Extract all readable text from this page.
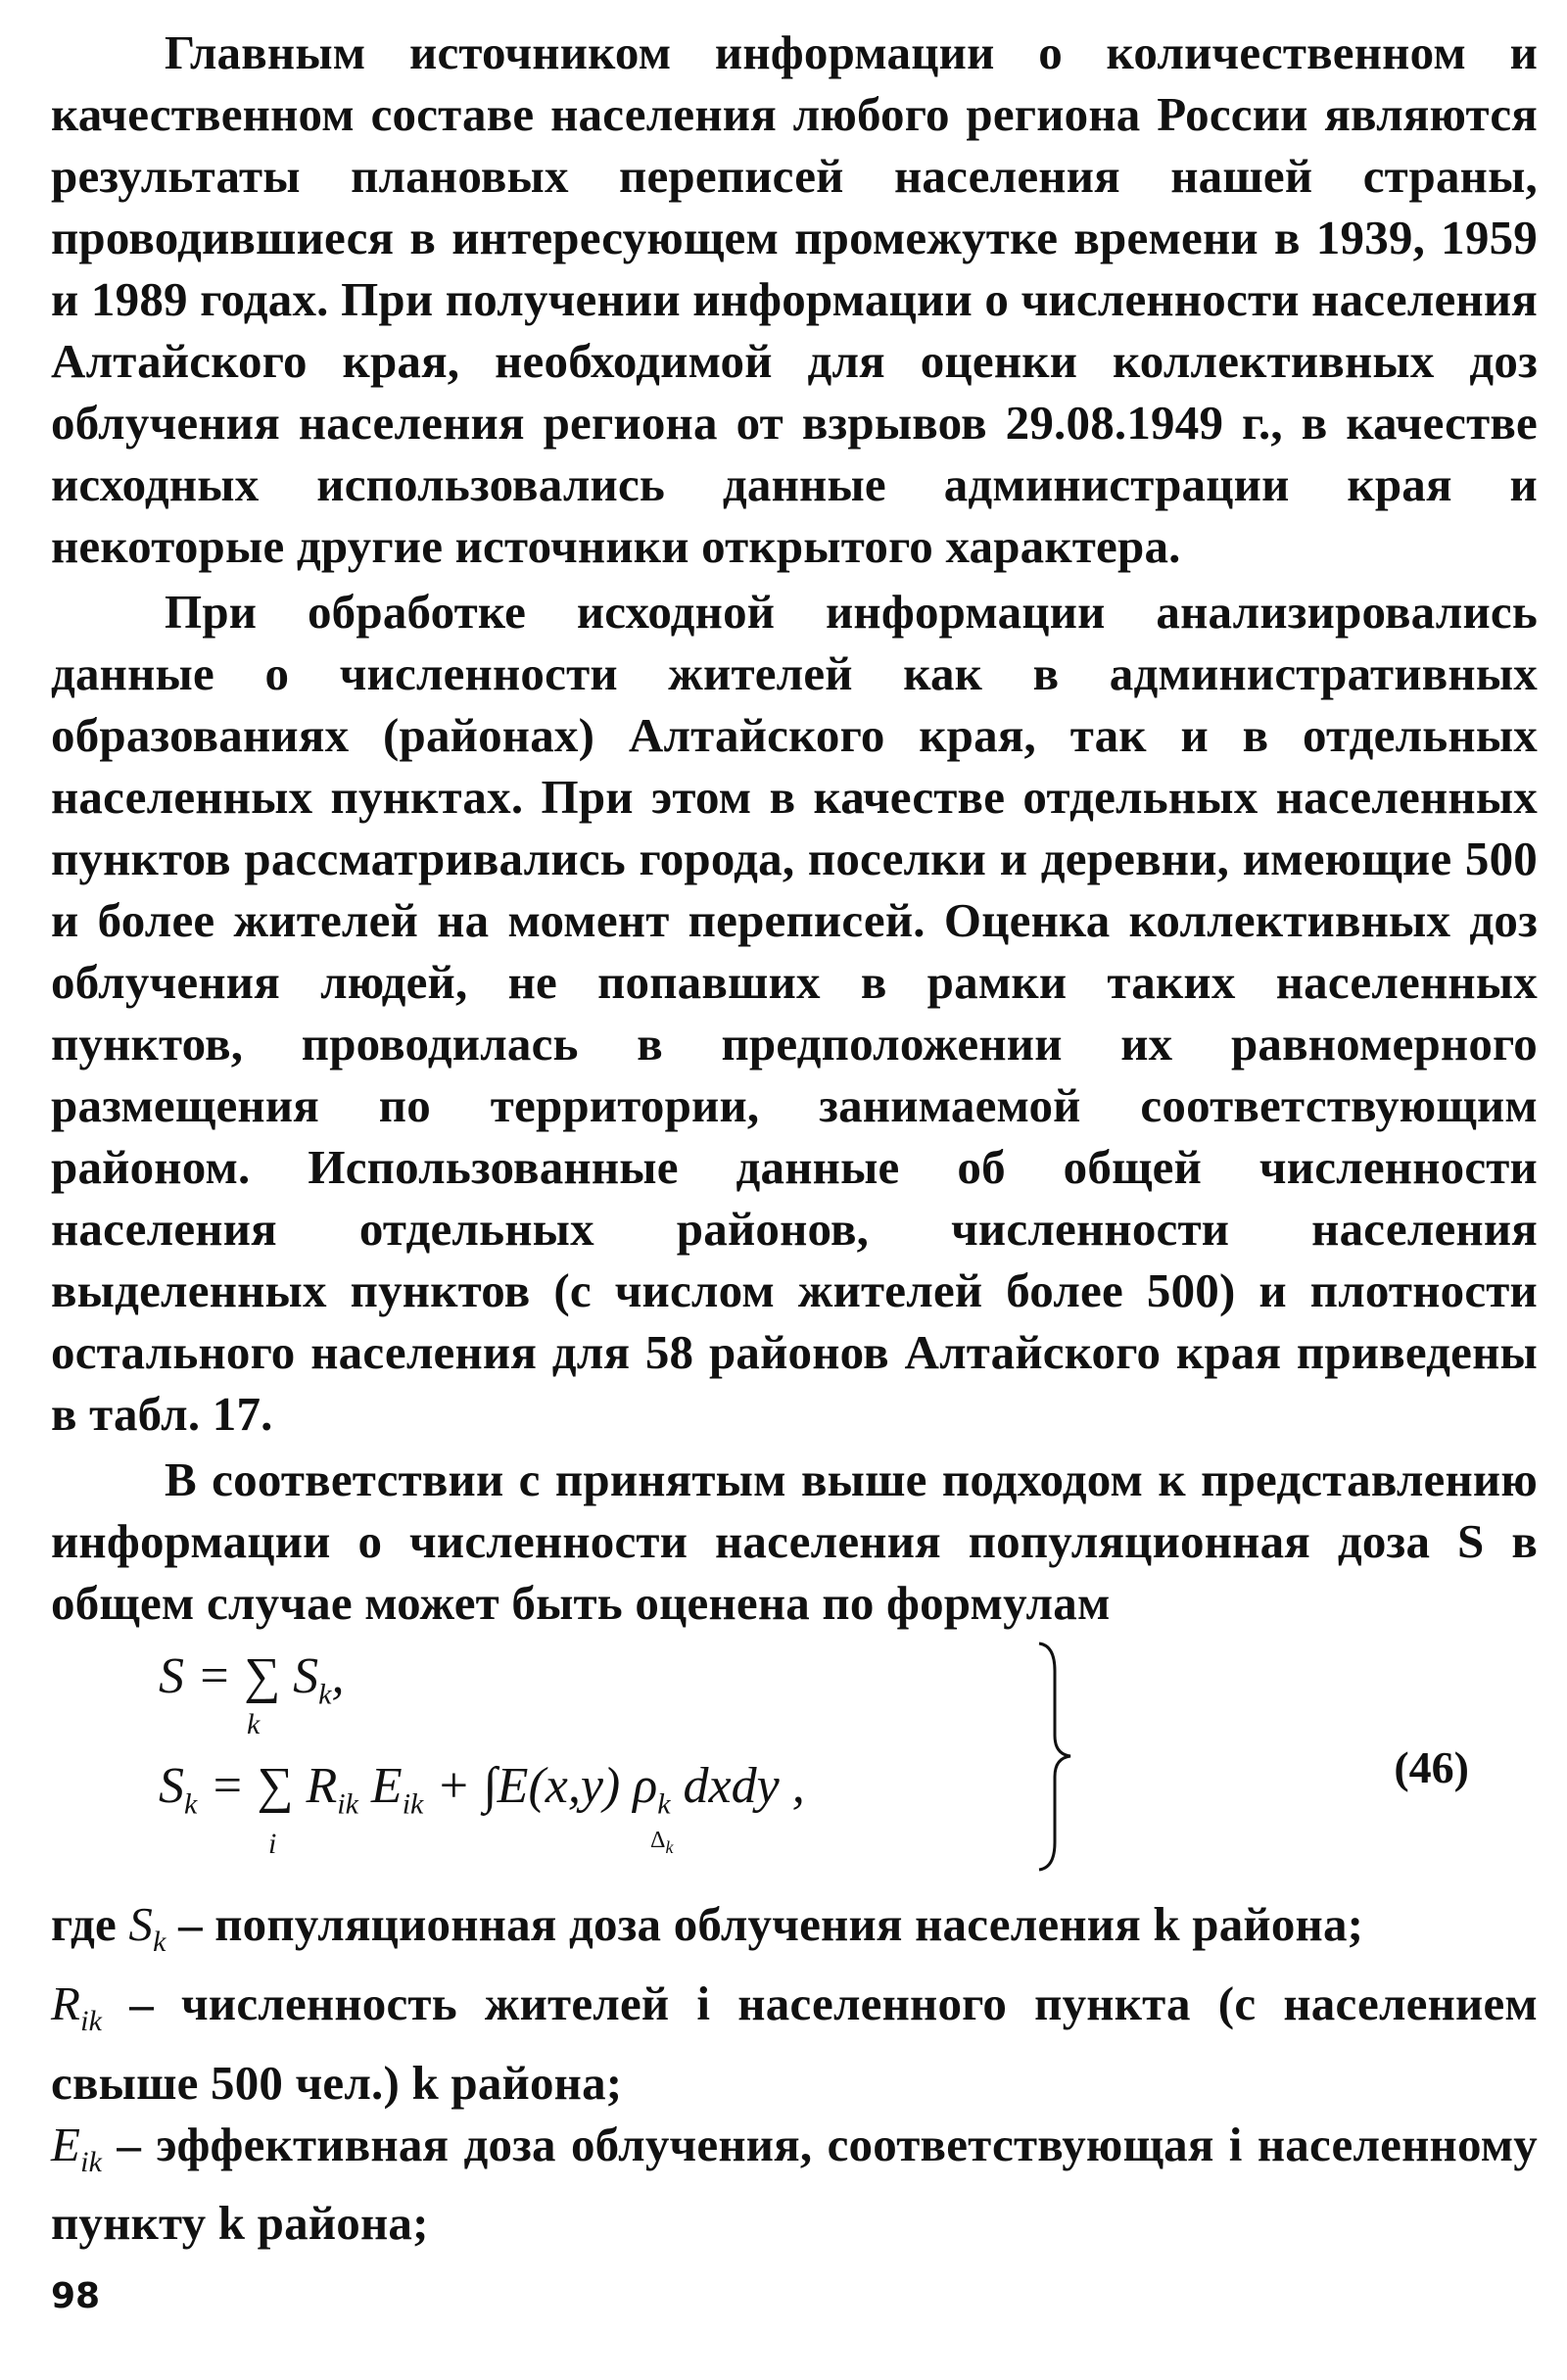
Главным источником информации о количественном и качественном составе населения любого региона России являются результаты плановых переписей населения нашей страны, проводившиеся в интересующем промежутке времени в 1939, 1959 и 1989 годах. При получении информации о численности населения Алтайского края, необходимой для оценки коллективных доз облучения населения региона от взрывов 29.08.1949 г., в качестве исходных использовались данные администрации края и некоторые другие источники открытого характера.

При обработке исходной информации анализировались данные о численности жителей как в административных образованиях (районах) Алтайского края, так и в отдельных населенных пунктах. При этом в качестве отдельных населенных пунктов рассматривались города, поселки и деревни, имеющие 500 и более жителей на момент переписей. Оценка коллективных доз облучения людей, не попавших в рамки таких населенных пунктов, проводилась в предположении их равномерного размещения по территории, занимаемой соответствующим районом. Использованные данные об общей численности населения отдельных районов, численности населения выделенных пунктов (с числом жителей более 500) и плотности остального населения для 58 районов Алтайского края приведены в табл. 17.

В соответствии с принятым выше подходом к представлению информации о численности населения популяционная доза S в общем случае может быть оценена по формулам

S = ∑ $S_k$,
k
$S_k$ = ∑ $R_{ik}$ $E_{ik} + \int E(x,y)$ $\rho_k$ dxdy ,
i	$\Delta_k$
(46)

где $S_k$ – популяционная доза облучения населения k района;

$R_{ik}$ – численность жителей i населенного пункта (с населением свыше 500 чел.) k района;

$E_{ik}$ – эффективная доза облучения, соответствующая i населенному пункту k района;

98
